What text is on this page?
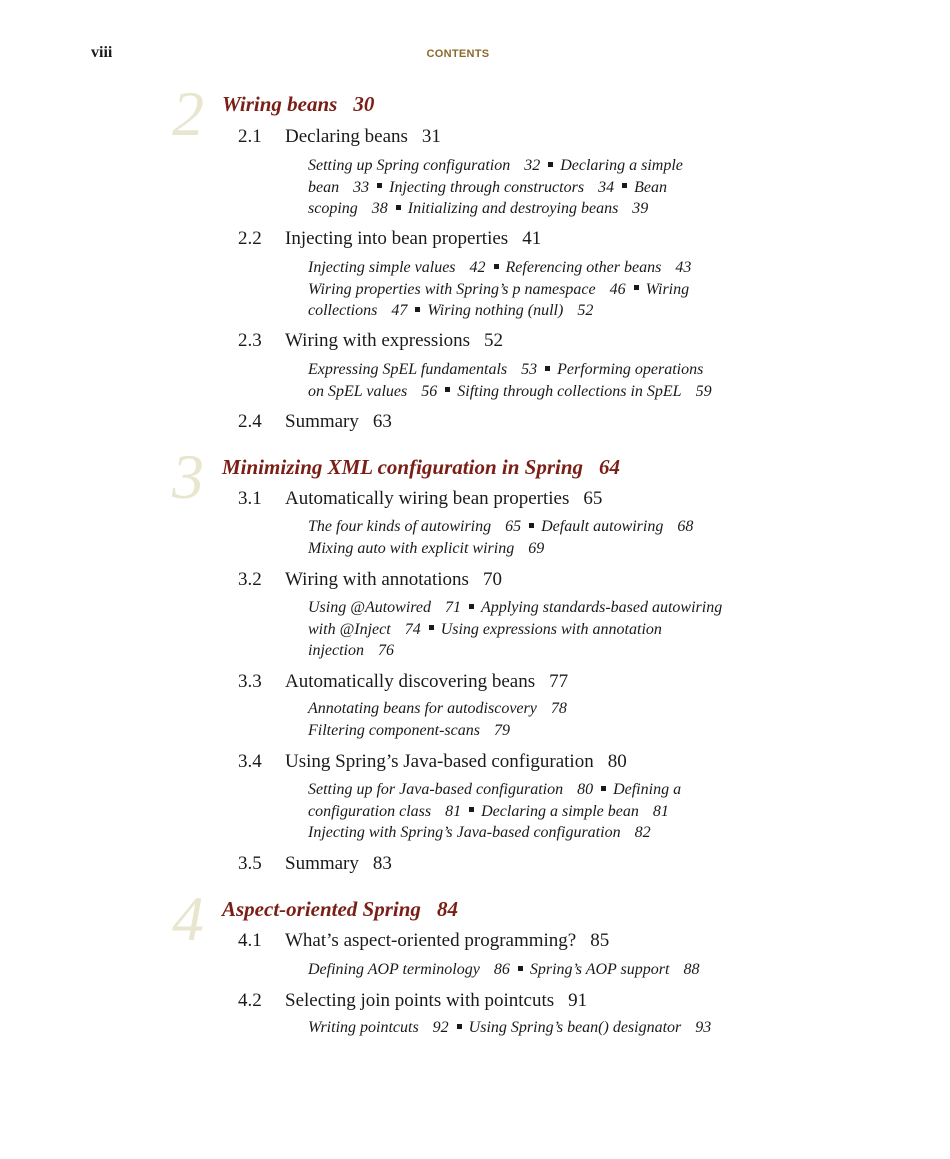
viii	CONTENTS
2 Wiring beans 30
2.1 Declaring beans 31
Setting up Spring configuration 32 Declaring a simple
bean 33 Injecting through constructors 34 Bean
scoping 38 Initializing and destroying beans 39
2.2 Injecting into bean properties 41
Injecting simple values 42 Referencing other beans 43
Wiring properties with Spring’s p namespace 46 Wiring
collections 47 Wiring nothing (null) 52
2.3 Wiring with expressions 52
Expressing SpEL fundamentals 53 Performing operations
on SpEL values 56 Sifting through collections in SpEL 59
2.4 Summary 63
3 Minimizing XML configuration in Spring 64
3.1 Automatically wiring bean properties 65
The four kinds of autowiring 65 Default autowiring 68
Mixing auto with explicit wiring 69
3.2 Wiring with annotations 70
Using @Autowired 71 Applying standards-based autowiring
with @Inject 74 Using expressions with annotation
injection 76
3.3 Automatically discovering beans 77
Annotating beans for autodiscovery 78
Filtering component-scans 79
3.4 Using Spring’s Java-based configuration 80
Setting up for Java-based configuration 80 Defining a
configuration class 81 Declaring a simple bean 81
Injecting with Spring’s Java-based configuration 82
3.5 Summary 83
4 Aspect-oriented Spring 84
4.1 What’s aspect-oriented programming? 85
Defining AOP terminology 86 Spring’s AOP support 88
4.2 Selecting join points with pointcuts 91
Writing pointcuts 92 Using Spring’s bean() designator 93
